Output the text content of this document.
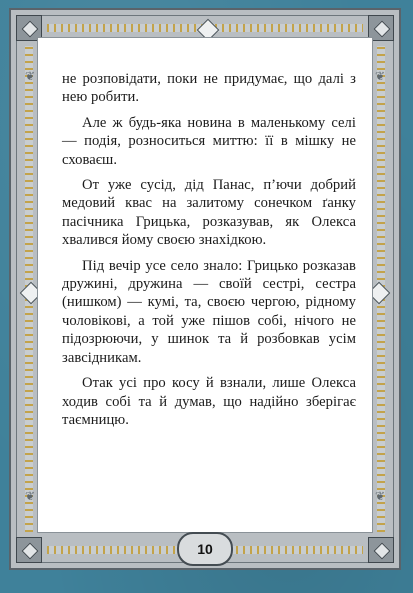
❦
❦
❦
❦

не розповідати, поки не придумає, що далі з нею робити.

Але ж будь-яка новина в маленькому селі — подія, розноситься миттю: її в мішку не сховаєш.

От уже сусід, дід Панас, п’ючи добрий медовий квас на залитому сонечком ґанку пасічника Грицька, розказував, як Олекса хвалився йому своєю знахідкою.

Під вечір усе село знало: Грицько розказав дружині, дружина — своїй сестрі, сестра (нишком) — кумі, та, своєю чергою, рідному чоловікові, а той уже пішов собі, нічого не підозрюючи, у шинок та й розбовкав усім завсідникам.

Отак усі про косу й взнали, лише Олекса ходив собі та й думав, що надійно зберігає таємницю.

10
